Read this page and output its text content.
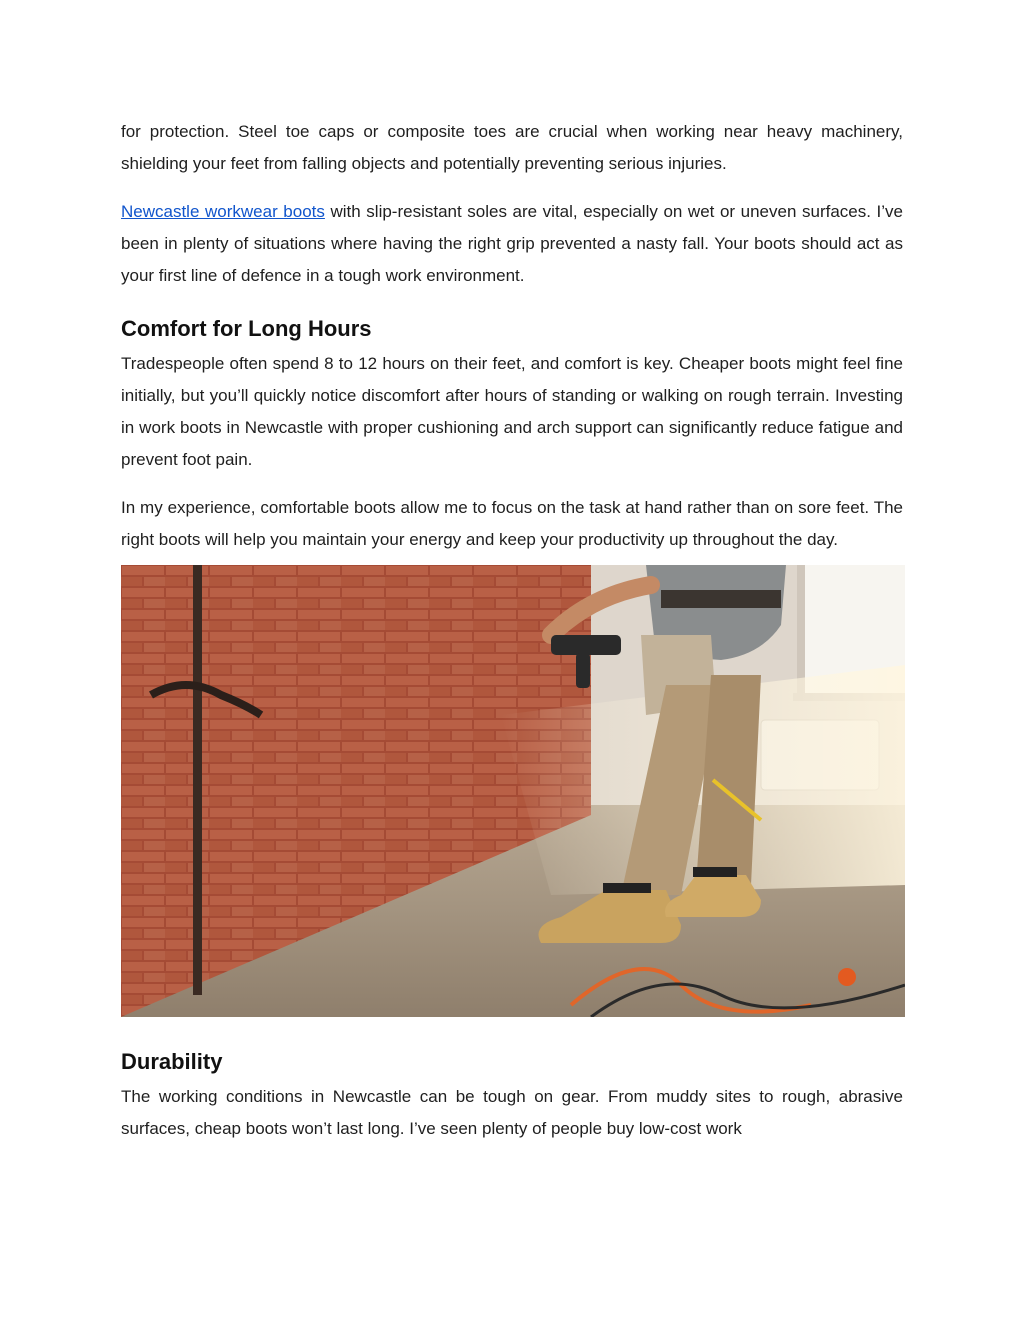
for protection. Steel toe caps or composite toes are crucial when working near heavy machinery, shielding your feet from falling objects and potentially preventing serious injuries.

Newcastle workwear boots with slip-resistant soles are vital, especially on wet or uneven surfaces. I’ve been in plenty of situations where having the right grip prevented a nasty fall. Your boots should act as your first line of defence in a tough work environment.

Comfort for Long Hours

Tradespeople often spend 8 to 12 hours on their feet, and comfort is key. Cheaper boots might feel fine initially, but you’ll quickly notice discomfort after hours of standing or walking on rough terrain. Investing in work boots in Newcastle with proper cushioning and arch support can significantly reduce fatigue and prevent foot pain.

In my experience, comfortable boots allow me to focus on the task at hand rather than on sore feet. The right boots will help you maintain your energy and keep your productivity up throughout the day.

Durability

The working conditions in Newcastle can be tough on gear. From muddy sites to rough, abrasive surfaces, cheap boots won’t last long. I’ve seen plenty of people buy low-cost work
